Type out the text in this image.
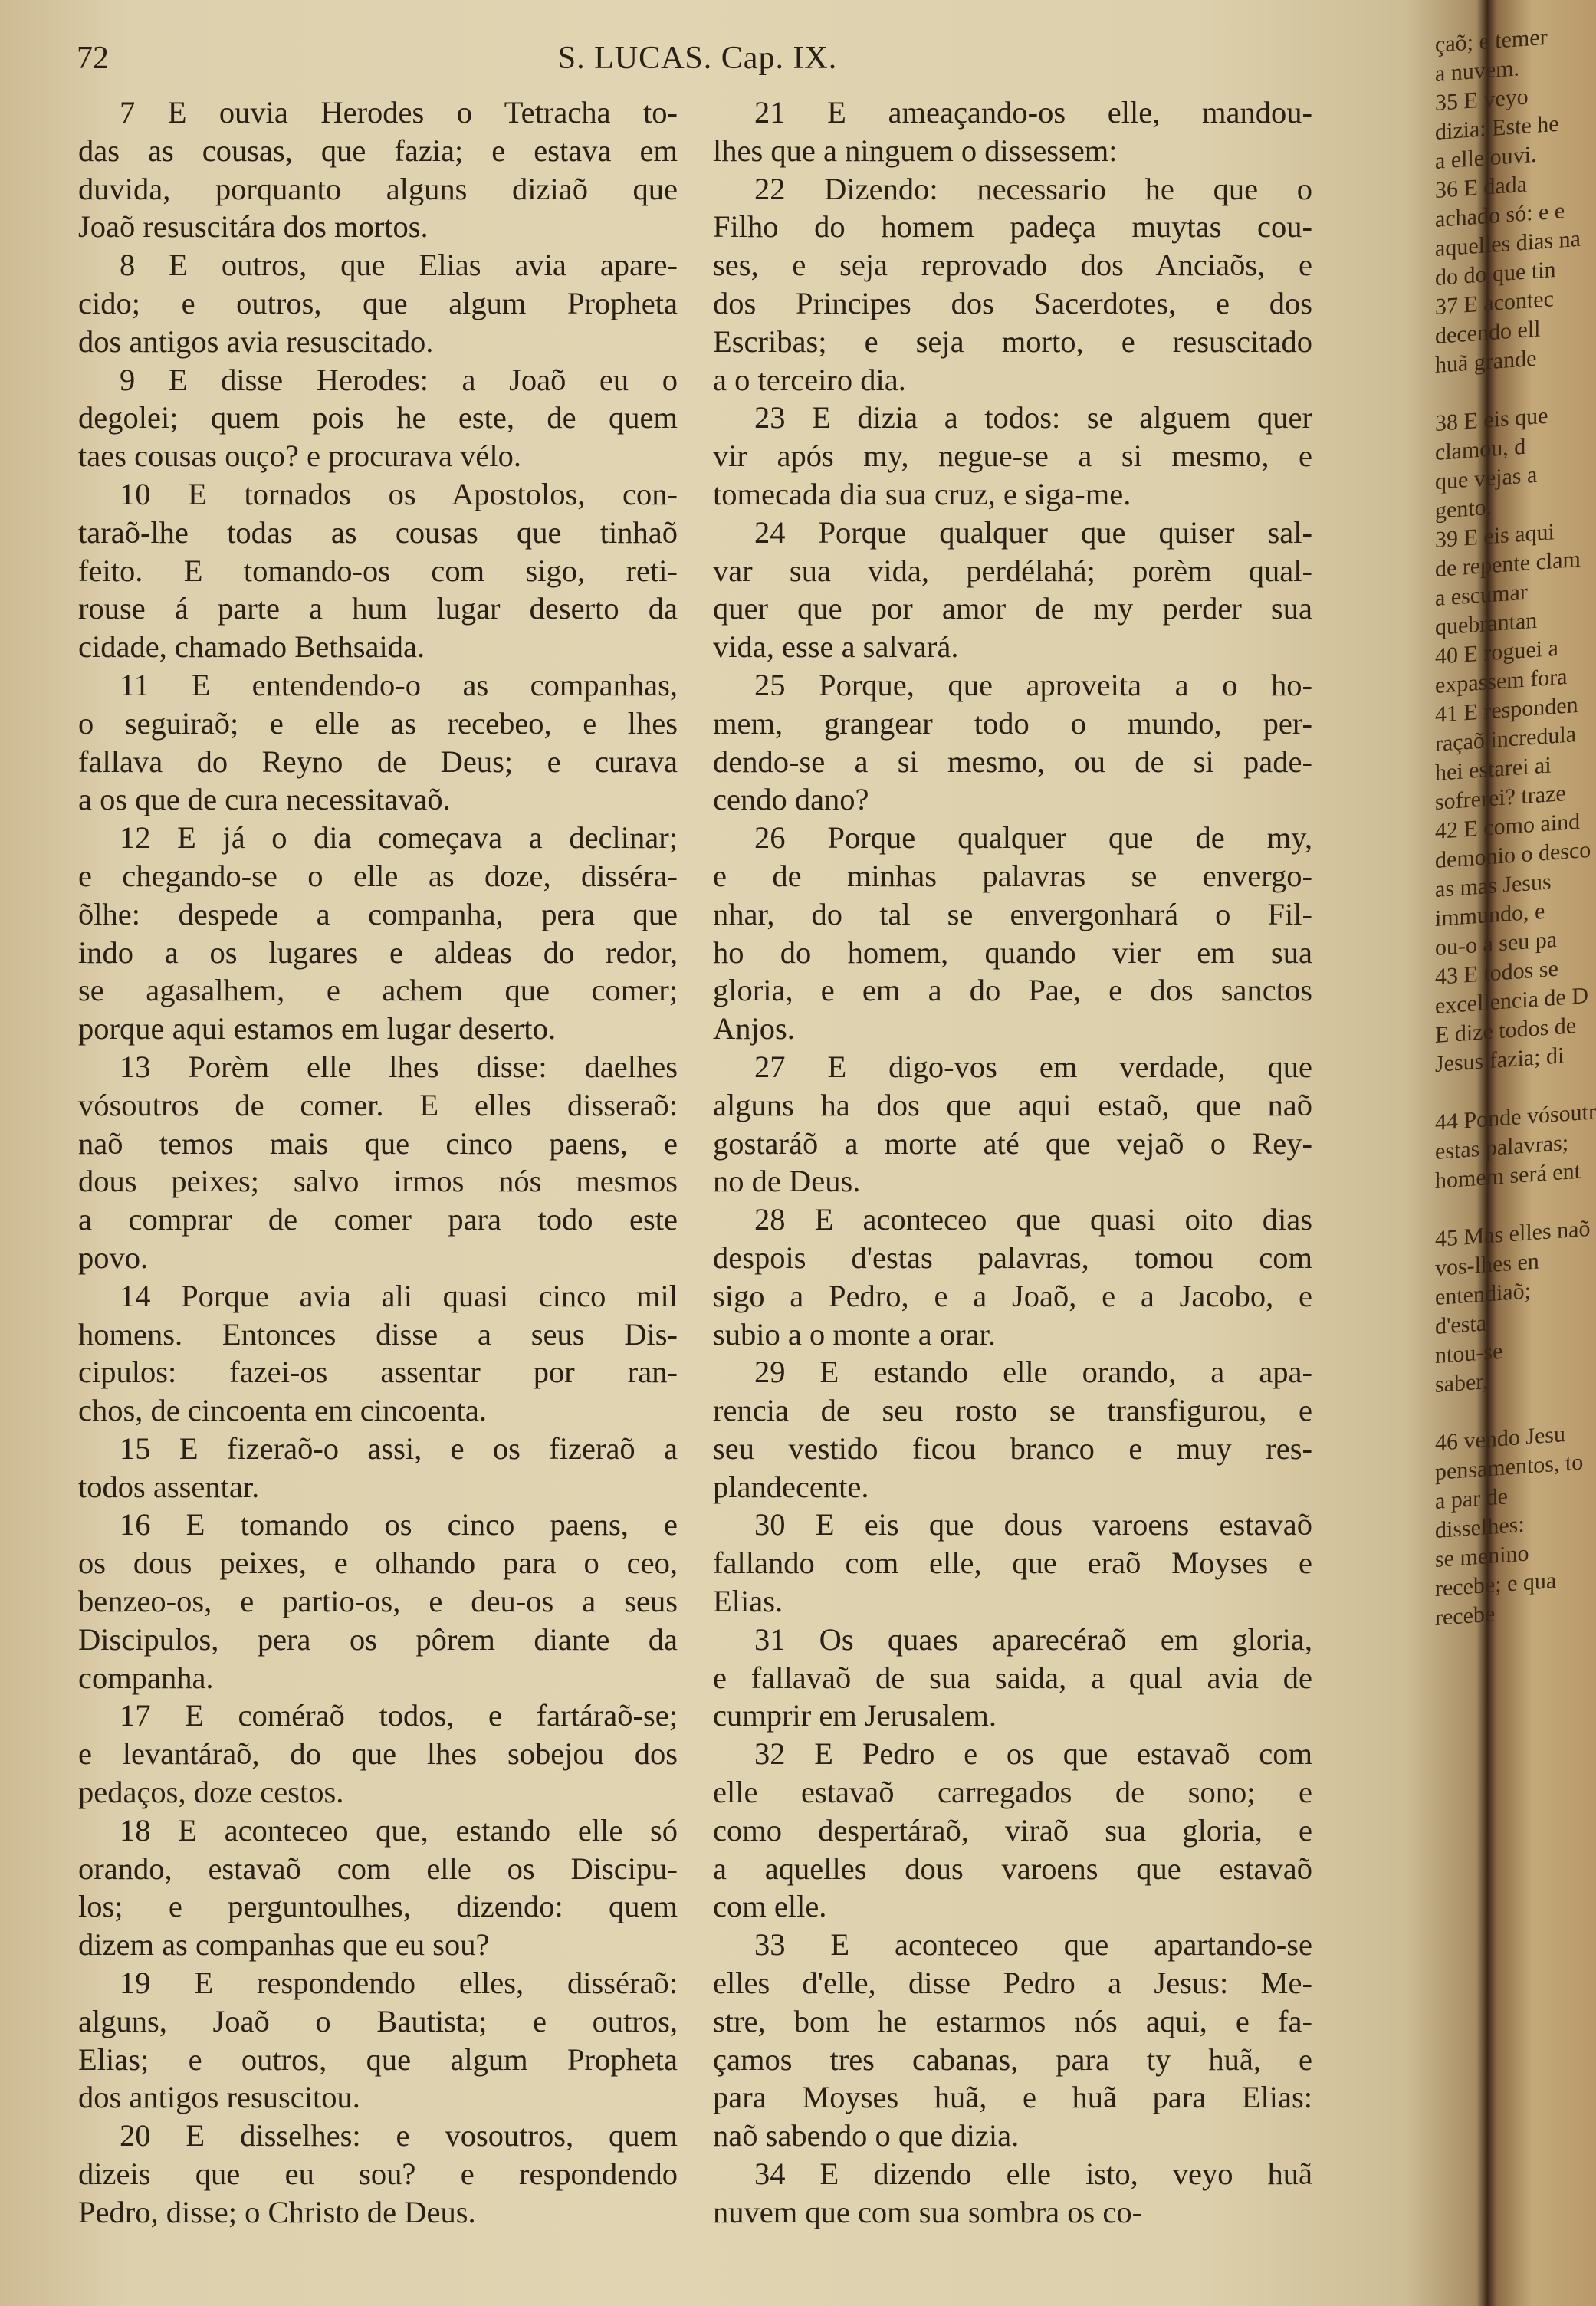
72	S. LUCAS. Cap. IX.
7 E ouvia Herodes o Tetracha to-
das as cousas, que fazia; e estava em
duvida, porquanto alguns diziaõ que
Joaõ resuscitára dos mortos.
8 E outros, que Elias avia apare-
cido; e outros, que algum Propheta
dos antigos avia resuscitado.
9 E disse Herodes: a Joaõ eu o
degolei; quem pois he este, de quem
taes cousas ouço? e procurava vélo.
10 E tornados os Apostolos, con-
taraõ-lhe todas as cousas que tinhaõ
feito. E tomando-os com sigo, reti-
rouse á parte a hum lugar deserto da
cidade, chamado Bethsaida.
11 E entendendo-o as companhas,
o seguiraõ; e elle as recebeo, e lhes
fallava do Reyno de Deus; e curava
a os que de cura necessitavaõ.
12 E já o dia começava a declinar;
e chegando-se o elle as doze, disséra-
õlhe: despede a companha, pera que
indo a os lugares e aldeas do redor,
se agasalhem, e achem que comer;
porque aqui estamos em lugar deserto.
13 Porèm elle lhes disse: daelhes
vósoutros de comer. E elles disseraõ:
naõ temos mais que cinco paens, e
dous peixes; salvo irmos nós mesmos
a comprar de comer para todo este
povo.
14 Porque avia ali quasi cinco mil
homens. Entonces disse a seus Dis-
cipulos: fazei-os assentar por ran-
chos, de cincoenta em cincoenta.
15 E fizeraõ-o assi, e os fizeraõ a
todos assentar.
16 E tomando os cinco paens, e
os dous peixes, e olhando para o ceo,
benzeo-os, e partio-os, e deu-os a seus
Discipulos, pera os pôrem diante da
companha.
17 E coméraõ todos, e fartáraõ-se;
e levantáraõ, do que lhes sobejou dos
pedaços, doze cestos.
18 E aconteceo que, estando elle só
orando, estavaõ com elle os Discipu-
los; e perguntoulhes, dizendo: quem
dizem as companhas que eu sou?
19 E respondendo elles, disséraõ:
alguns, Joaõ o Bautista; e outros,
Elias; e outros, que algum Propheta
dos antigos resuscitou.
20 E disselhes: e vosoutros, quem
dizeis que eu sou? e respondendo
Pedro, disse; o Christo de Deus.
21 E ameaçando-os elle, mandou-
lhes que a ninguem o dissessem:
22 Dizendo: necessario he que o
Filho do homem padeça muytas cou-
ses, e seja reprovado dos Anciaõs, e
dos Principes dos Sacerdotes, e dos
Escribas; e seja morto, e resuscitado
a o terceiro dia.
23 E dizia a todos: se alguem quer
vir após my, negue-se a si mesmo, e
tomecada dia sua cruz, e siga-me.
24 Porque qualquer que quiser sal-
var sua vida, perdélahá; porèm qual-
quer que por amor de my perder sua
vida, esse a salvará.
25 Porque, que aproveita a o ho-
mem, grangear todo o mundo, per-
dendo-se a si mesmo, ou de si pade-
cendo dano?
26 Porque qualquer que de my,
e de minhas palavras se envergo-
nhar, do tal se envergonhará o Fil-
ho do homem, quando vier em sua
gloria, e em a do Pae, e dos sanctos
Anjos.
27 E digo-vos em verdade, que
alguns ha dos que aqui estaõ, que naõ
gostaráõ a morte até que vejaõ o Rey-
no de Deus.
28 E aconteceo que quasi oito dias
despois d'estas palavras, tomou com
sigo a Pedro, e a Joaõ, e a Jacobo, e
subio a o monte a orar.
29 E estando elle orando, a apa-
rencia de seu rosto se transfigurou, e
seu vestido ficou branco e muy res-
plandecente.
30 E eis que dous varoens estavaõ
fallando com elle, que eraõ Moyses e
Elias.
31 Os quaes aparecéraõ em gloria,
e fallavaõ de sua saida, a qual avia de
cumprir em Jerusalem.
32 E Pedro e os que estavaõ com
elle estavaõ carregados de sono; e
como despertáraõ, viraõ sua gloria, e
a aquelles dous varoens que estavaõ
com elle.
33 E aconteceo que apartando-se
elles d'elle, disse Pedro a Jesus: Me-
stre, bom he estarmos nós aqui, e fa-
çamos tres cabanas, para ty huã, e
para Moyses huã, e huã para Elias:
naõ sabendo o que dizia.
34 E dizendo elle isto, veyo huã
nuvem que com sua sombra os co-
çaõ; e temer
a nuvem.
35 E veyo
dizia: Este he
a elle ouvi.
36 E dada
achado só: e e
aquelles dias na
do do que tin
37 E acontec
decendo ell
huã grande

38 E eis que
clamou, d
que vejas a
gento.
39 E eis aqui
de repente clam
a escumar
quebrantan
40 E roguei a
expassem fora
41 E responden
raçaõ incredula
hei estarei ai
sofrerei? traze
42 E como aind
demonio o desco
as mas Jesus
immundo, e
ou-o a seu pa
43 E todos se
excellencia de D
E dize todos de
Jesus fazia; di

44 Ponde vósoutr
estas palavras;
homem será ent

45 Mas elles naõ
vos-lhes en
entendiaõ;
d'esta
ntou-se
saber,

46 vendo Jesu
pensamentos, to
a par de
disselhes:
se menino
recebe; e qua
recebe
